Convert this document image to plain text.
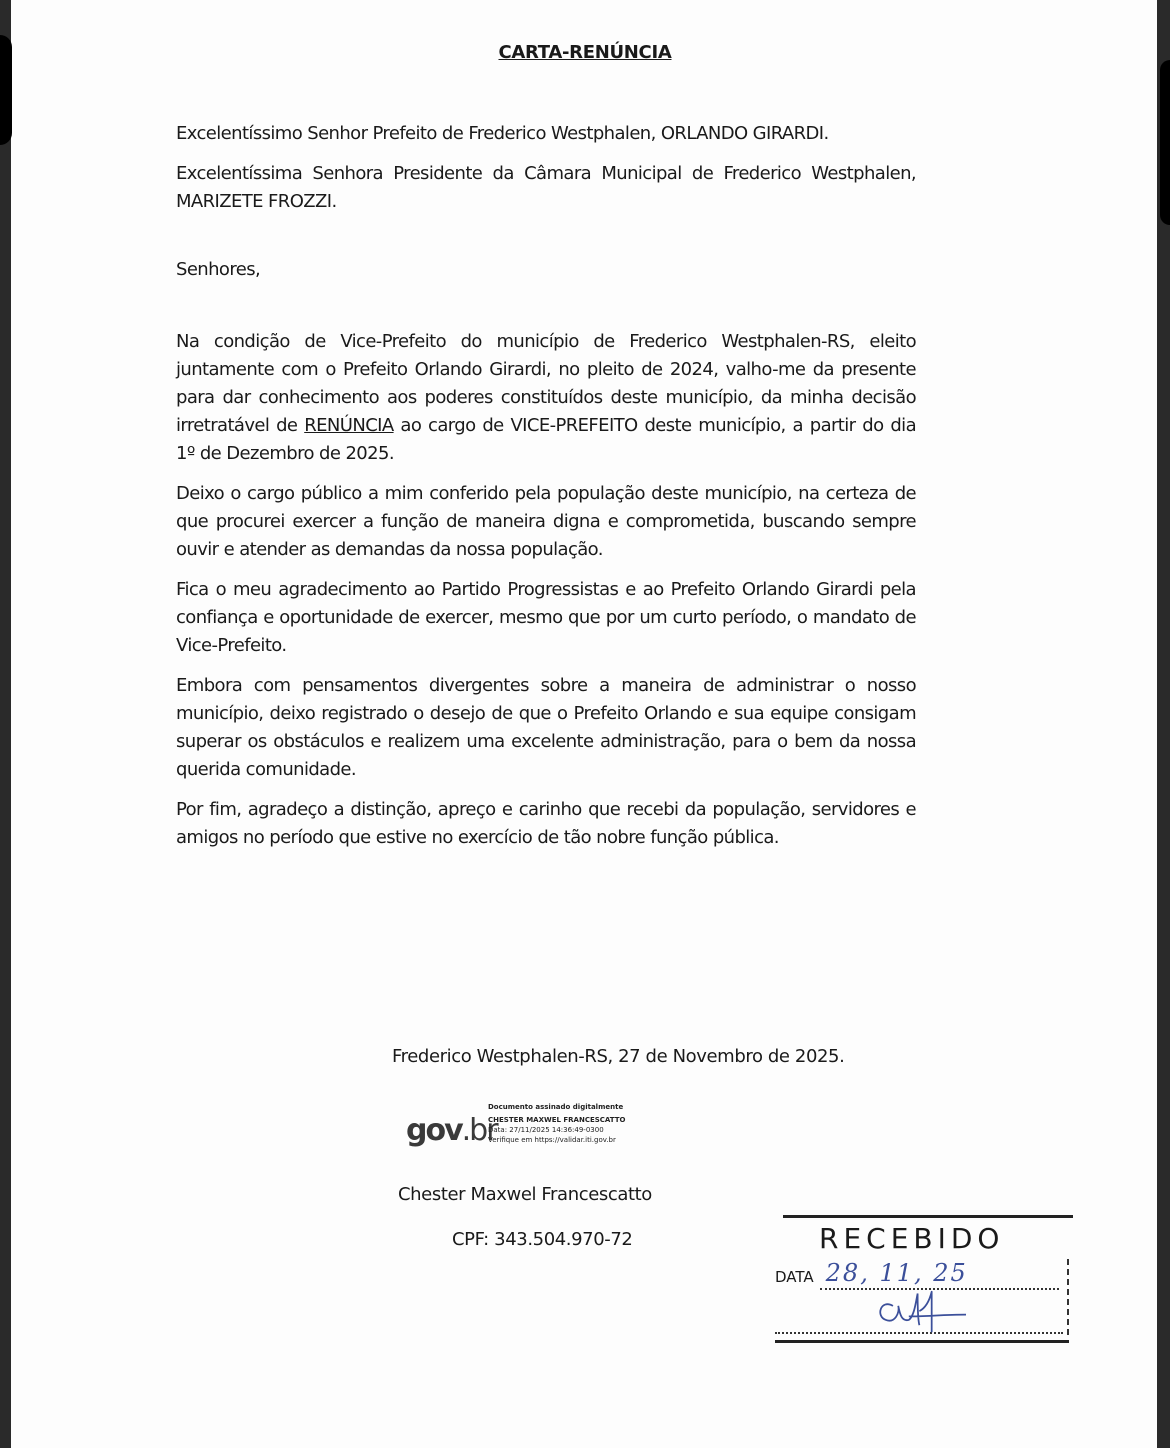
CARTA-RENÚNCIA

Excelentíssimo Senhor Prefeito de Frederico Westphalen, ORLANDO GIRARDI.

Excelentíssima Senhora Presidente da Câmara Municipal de Frederico Westphalen, MARIZETE FROZZI.

Senhores,

Na condição de Vice-Prefeito do município de Frederico Westphalen-RS, eleito juntamente com o Prefeito Orlando Girardi, no pleito de 2024, valho-me da presente para dar conhecimento aos poderes constituídos deste município, da minha decisão irretratável de RENÚNCIA ao cargo de VICE-PREFEITO deste município, a partir do dia 1º de Dezembro de 2025.

Deixo o cargo público a mim conferido pela população deste município, na certeza de que procurei exercer a função de maneira digna e comprometida, buscando sempre ouvir e atender as demandas da nossa população.

Fica o meu agradecimento ao Partido Progressistas e ao Prefeito Orlando Girardi pela confiança e oportunidade de exercer, mesmo que por um curto período, o mandato de Vice-Prefeito.

Embora com pensamentos divergentes sobre a maneira de administrar o nosso município, deixo registrado o desejo de que o Prefeito Orlando e sua equipe consigam superar os obstáculos e realizem uma excelente administração, para o bem da nossa querida comunidade.

Por fim, agradeço a distinção, apreço e carinho que recebi da população, servidores e amigos no período que estive no exercício de tão nobre função pública.

Frederico Westphalen-RS, 27 de Novembro de 2025.
gov.br
Documento assinado digitalmente
CHESTER MAXWEL FRANCESCATTO
Data: 27/11/2025 14:36:49-0300
Verifique em https://validar.iti.gov.br
Chester Maxwel Francescatto
CPF: 343.504.970-72	RECEBIDO
DATA 28, 11, 25
